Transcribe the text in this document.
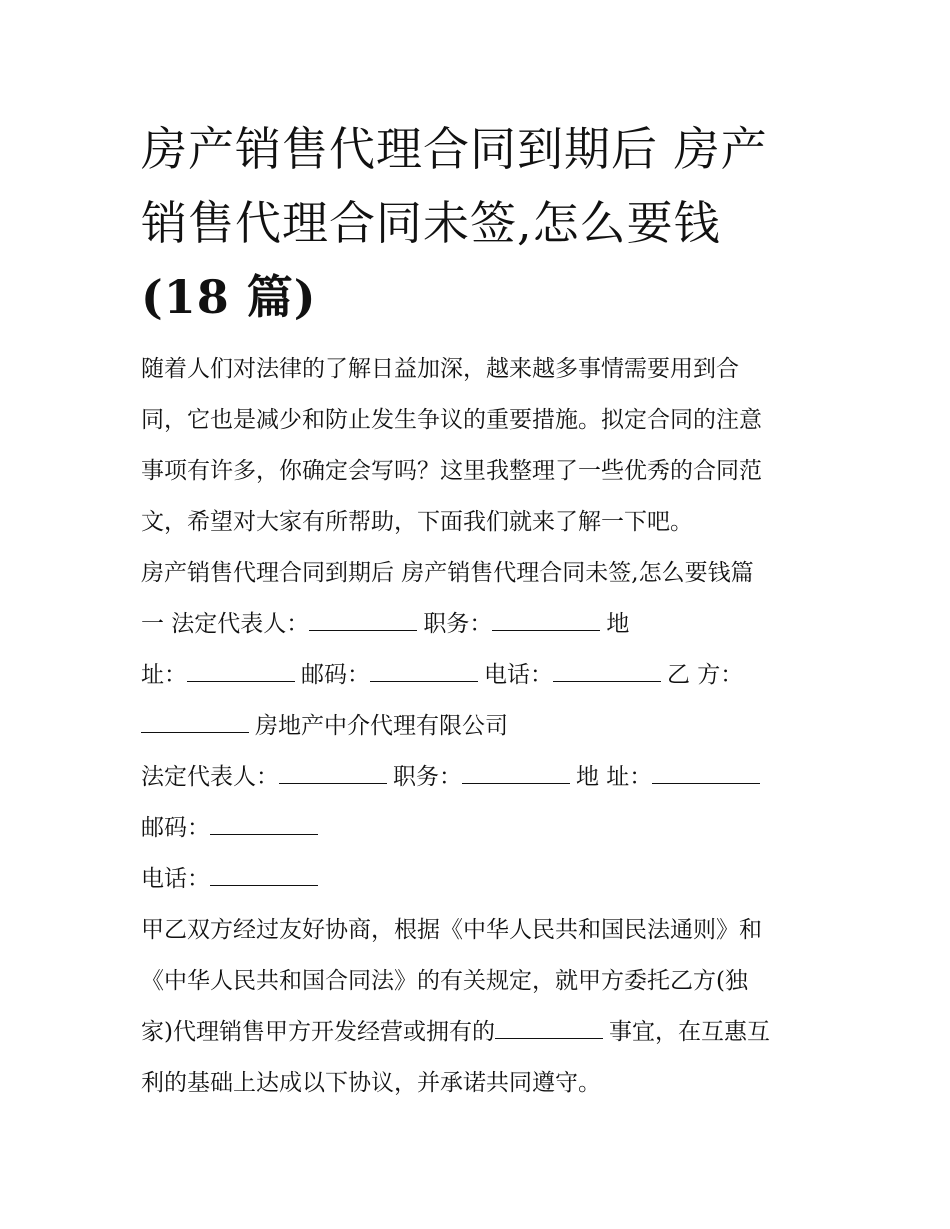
房产销售代理合同到期后 房产
销售代理合同未签,怎么要钱
(18 篇)
随着人们对法律的了解日益加深，越来越多事情需要用到合
同，它也是减少和防止发生争议的重要措施。拟定合同的注意
事项有许多，你确定会写吗？这里我整理了一些优秀的合同范
文，希望对大家有所帮助，下面我们就来了解一下吧。
房产销售代理合同到期后 房产销售代理合同未签,怎么要钱篇
一 法定代表人：	职务：	地
址：	邮码：	电话：	乙 方：
房地产中介代理有限公司
法定代表人：	职务：	地 址：
邮码：
电话：
甲乙双方经过友好协商，根据《中华人民共和国民法通则》和
《中华人民共和国合同法》的有关规定，就甲方委托乙方(独
家)代理销售甲方开发经营或拥有的	事宜，在互惠互
利的基础上达成以下协议，并承诺共同遵守。
